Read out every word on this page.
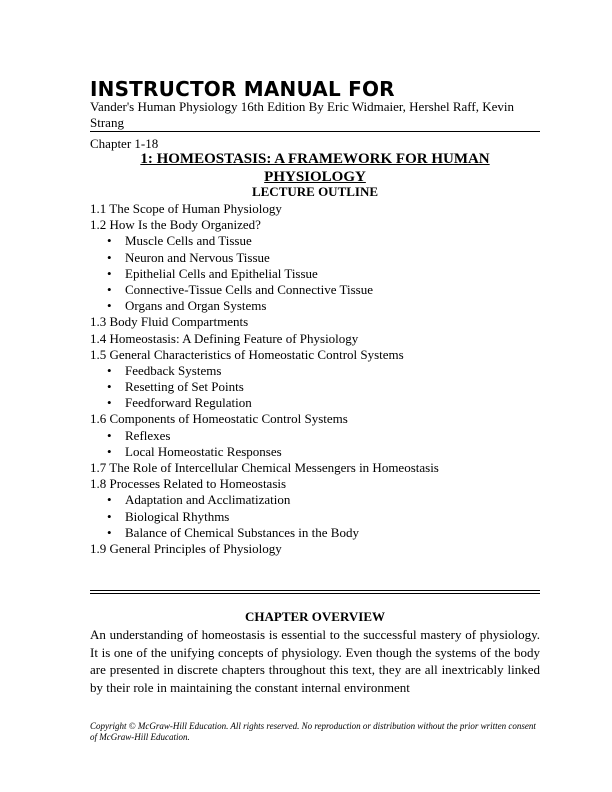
INSTRUCTOR MANUAL FOR
Vander's Human Physiology 16th Edition By Eric Widmaier, Hershel Raff, Kevin Strang
Chapter 1-18
1: HOMEOSTASIS: A FRAMEWORK FOR HUMAN PHYSIOLOGY
LECTURE OUTLINE
1.1 The Scope of Human Physiology
1.2 How Is the Body Organized?
• Muscle Cells and Tissue
• Neuron and Nervous Tissue
• Epithelial Cells and Epithelial Tissue
• Connective-Tissue Cells and Connective Tissue
• Organs and Organ Systems
1.3 Body Fluid Compartments
1.4 Homeostasis: A Defining Feature of Physiology
1.5 General Characteristics of Homeostatic Control Systems
• Feedback Systems
• Resetting of Set Points
• Feedforward Regulation
1.6 Components of Homeostatic Control Systems
• Reflexes
• Local Homeostatic Responses
1.7 The Role of Intercellular Chemical Messengers in Homeostasis
1.8 Processes Related to Homeostasis
• Adaptation and Acclimatization
• Biological Rhythms
• Balance of Chemical Substances in the Body
1.9 General Principles of Physiology
CHAPTER OVERVIEW

An understanding of homeostasis is essential to the successful mastery of physiology. It is one of the unifying concepts of physiology. Even though the systems of the body are presented in discrete chapters throughout this text, they are all inextricably linked by their role in maintaining the constant internal environment

Copyright © McGraw-Hill Education. All rights reserved. No reproduction or distribution without the prior written consent of McGraw-Hill Education.
